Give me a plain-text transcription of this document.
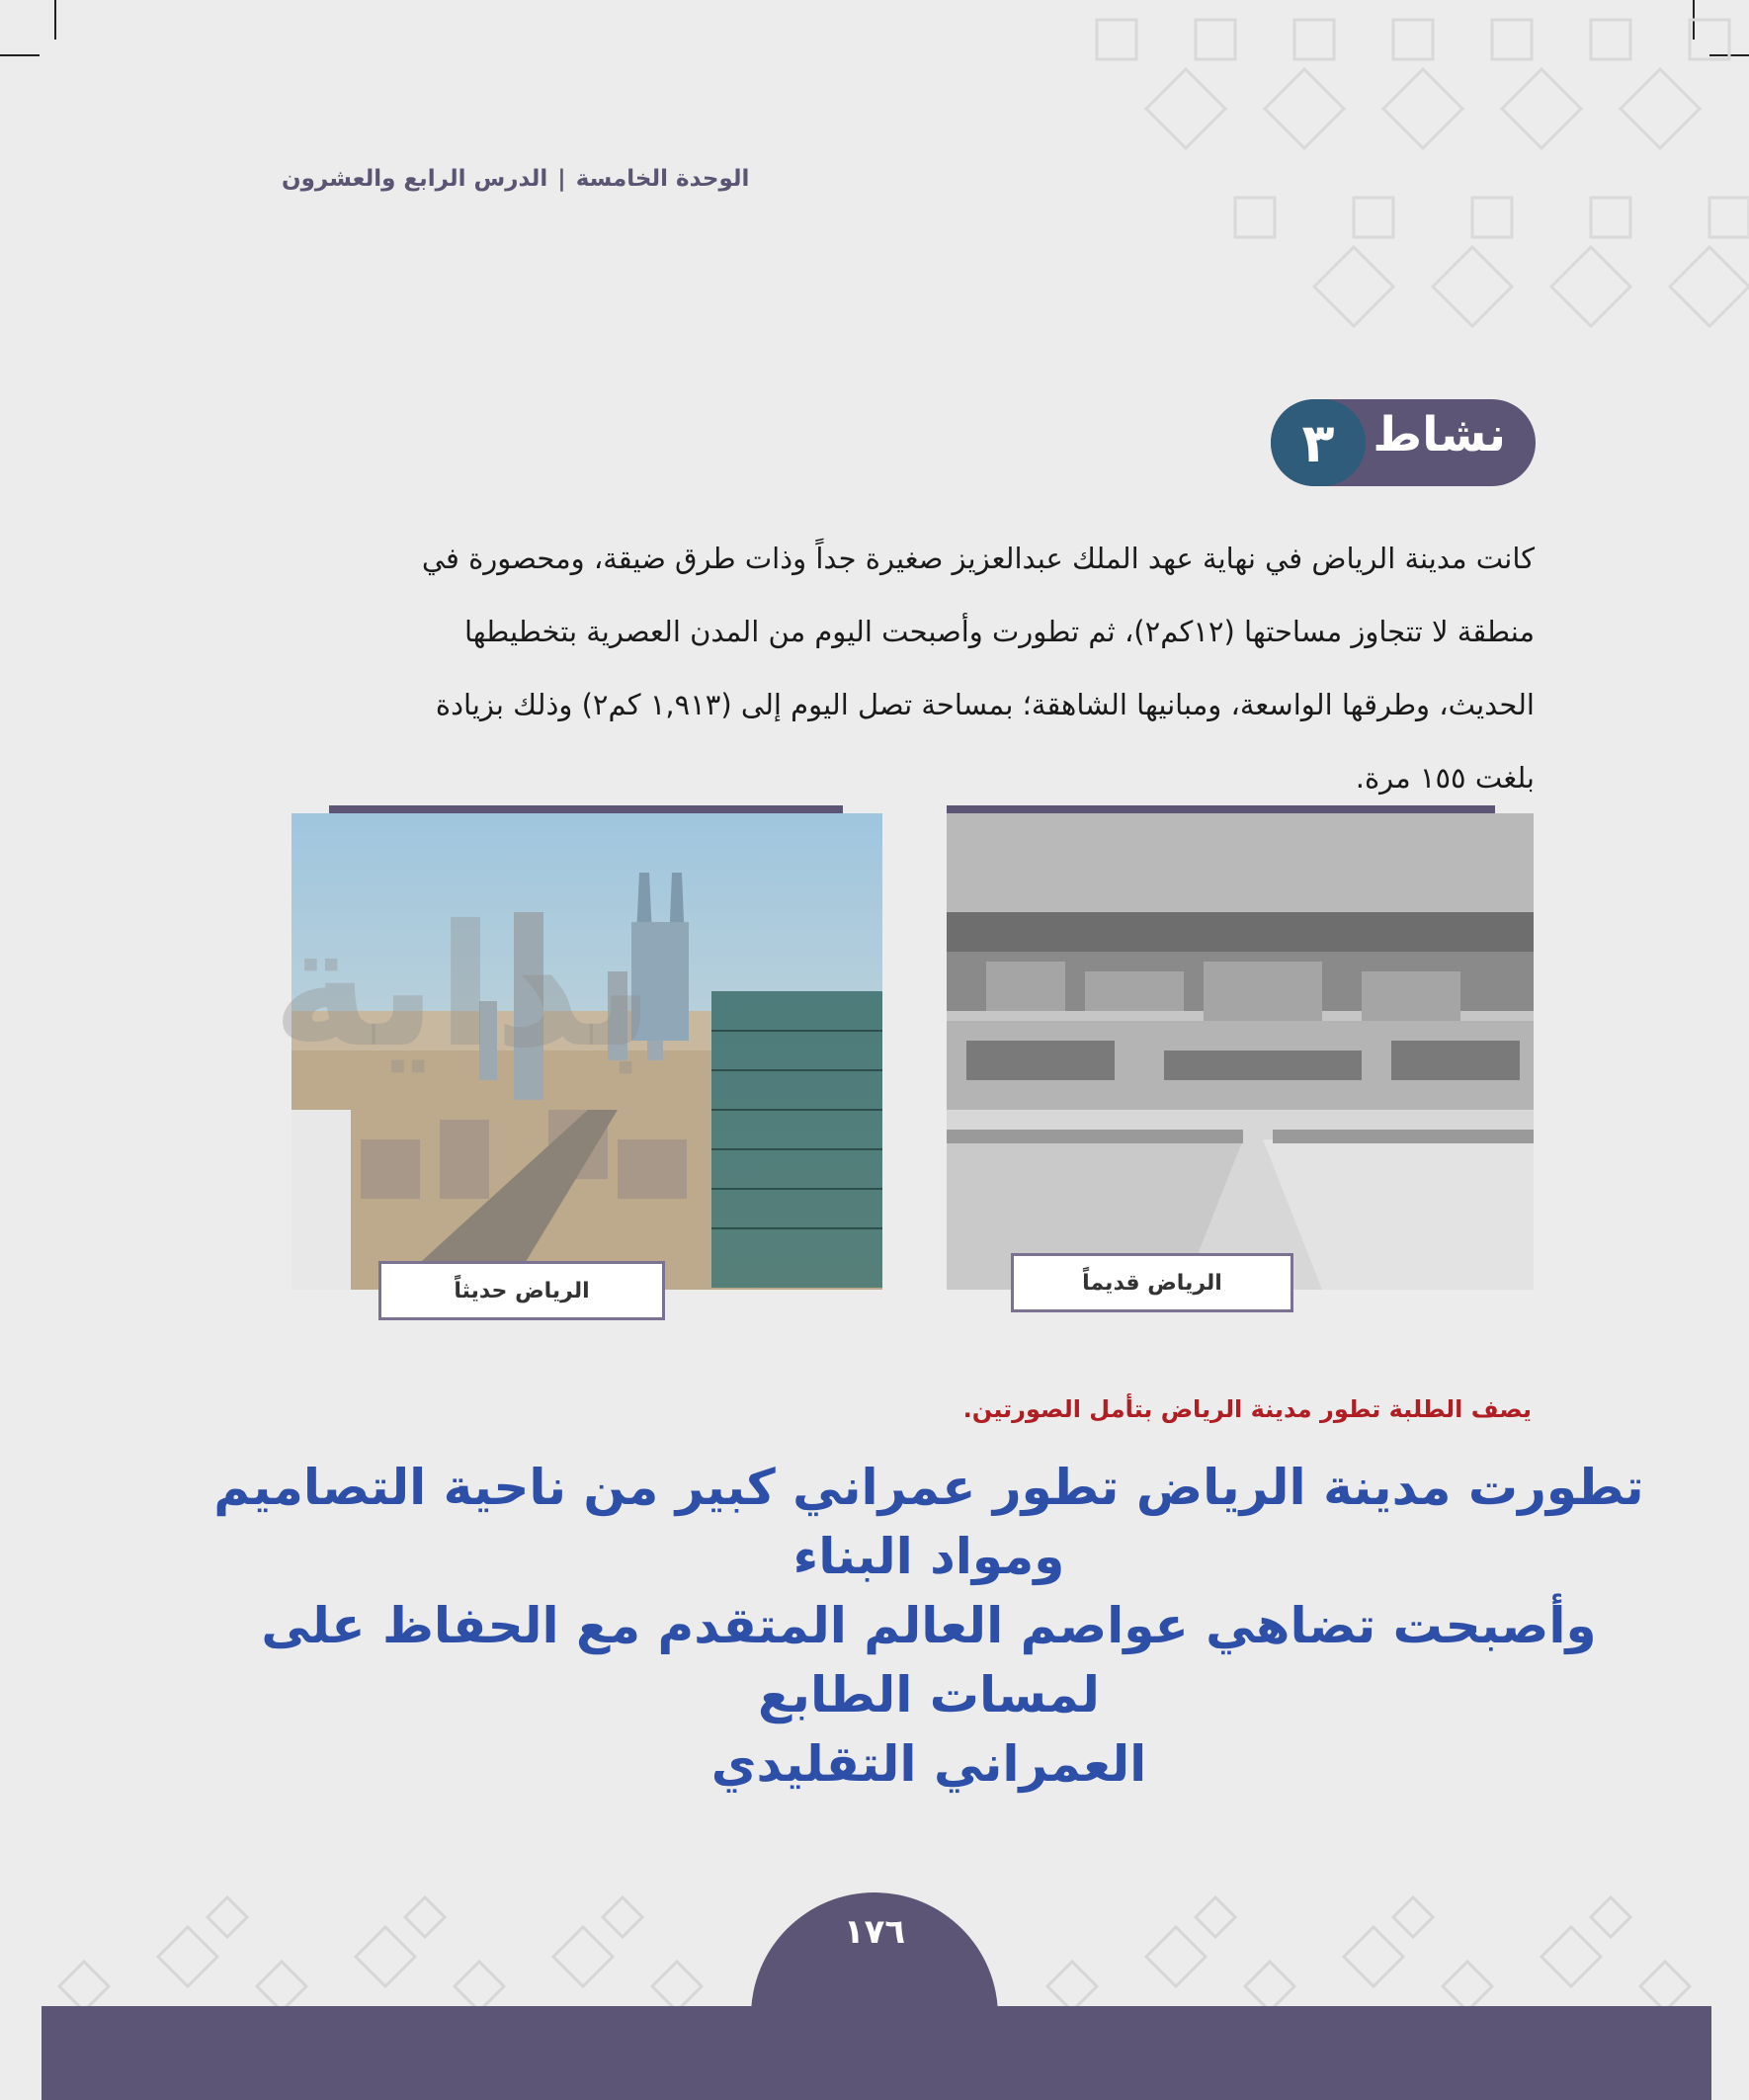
الوحدة الخامسة|الدرس الرابع والعشرون
نشاط
٣
كانت مدينة الرياض في نهاية عهد الملك عبدالعزيز صغيرة جداً وذات طرق ضيقة، ومحصورة في
منطقة لا تتجاوز مساحتها (١٢كم٢)، ثم تطورت وأصبحت اليوم من المدن العصرية بتخطيطها
الحديث، وطرقها الواسعة، ومبانيها الشاهقة؛ بمساحة تصل اليوم إلى (١,٩١٣ كم٢) وذلك بزيادة
بلغت ١٥٥ مرة.
الرياض حديثاً	الرياض قديماً
بداية
يصف الطلبة تطور مدينة الرياض بتأمل الصورتين.
تطورت مدينة الرياض تطور عمراني كبير من ناحية التصاميم ومواد البناء
وأصبحت تضاهي عواصم العالم المتقدم مع الحفاظ على لمسات الطابع
العمراني التقليدي
١٧٦
